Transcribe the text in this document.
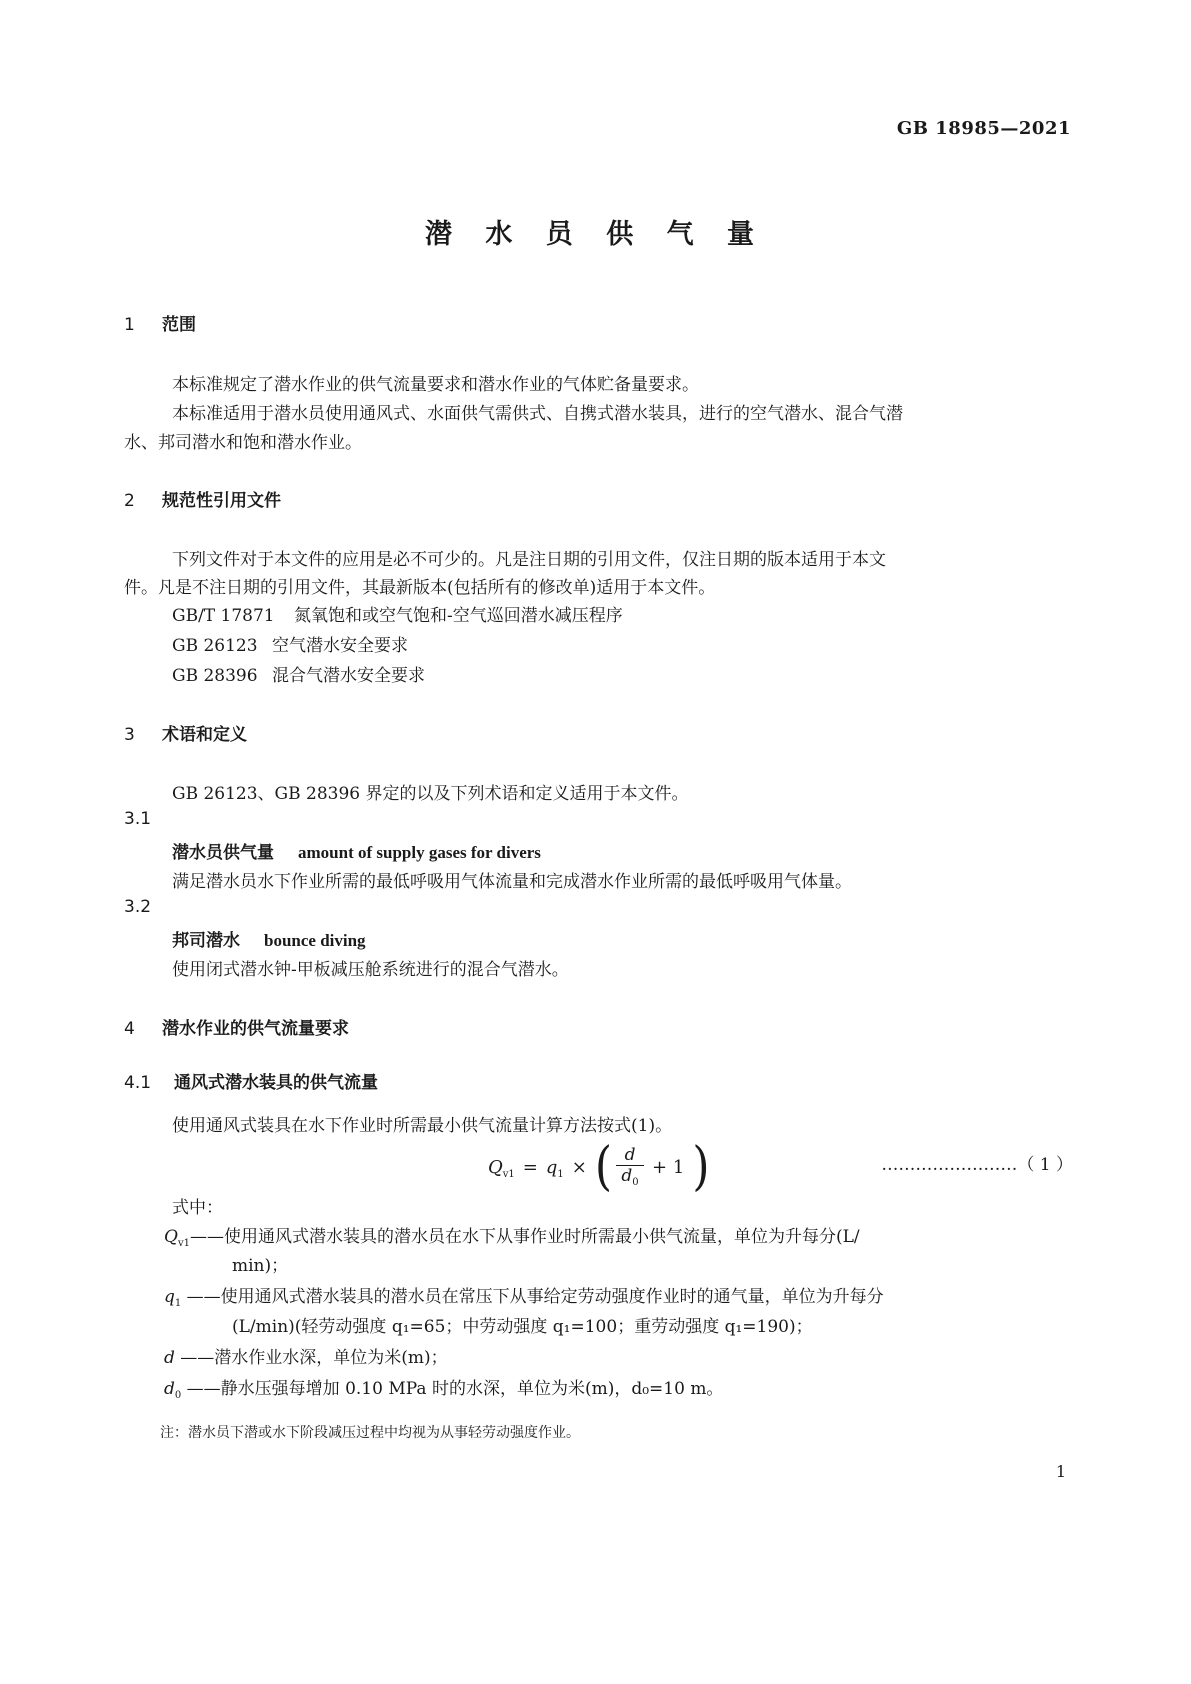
GB 18985—2021
潜 水 员 供 气 量
1 范围
本标准规定了潜水作业的供气流量要求和潜水作业的气体贮备量要求。
本标准适用于潜水员使用通风式、水面供气需供式、自携式潜水装具，进行的空气潜水、混合气潜
水、邦司潜水和饱和潜水作业。
2 规范性引用文件
下列文件对于本文件的应用是必不可少的。凡是注日期的引用文件，仅注日期的版本适用于本文
件。凡是不注日期的引用文件，其最新版本(包括所有的修改单)适用于本文件。
GB/T 17871 氮氧饱和或空气饱和-空气巡回潜水减压程序
GB 26123 空气潜水安全要求
GB 28396 混合气潜水安全要求
3 术语和定义
GB 26123、GB 28396 界定的以及下列术语和定义适用于本文件。
3.1
潜水员供气量 amount of supply gases for divers
满足潜水员水下作业所需的最低呼吸用气体流量和完成潜水作业所需的最低呼吸用气体量。
3.2
邦司潜水 bounce diving
使用闭式潜水钟-甲板减压舱系统进行的混合气潜水。
4 潜水作业的供气流量要求
4.1 通风式潜水装具的供气流量
使用通风式装具在水下作业时所需最小供气流量计算方法按式(1)。
$Q_{v1} = q_1$ × ( $\frac{d}{d_0} + 1$ )	……………………（ 1 ）
式中：
$Q_{v1}——$使用通风式潜水装具的潜水员在水下从事作业时所需最小供气流量，单位为升每分(L/
min)；
$q_1$ ——使用通风式潜水装具的潜水员在常压下从事给定劳动强度作业时的通气量，单位为升每分
(L/min)(轻劳动强度 q₁=65；中劳动强度 q₁=100；重劳动强度 q₁=190)；
d ——潜水作业水深，单位为米(m)；
$d_0$ ——静水压强每增加 0.10 MPa 时的水深，单位为米(m)，d₀=10 m。
注：潜水员下潜或水下阶段减压过程中均视为从事轻劳动强度作业。
1
